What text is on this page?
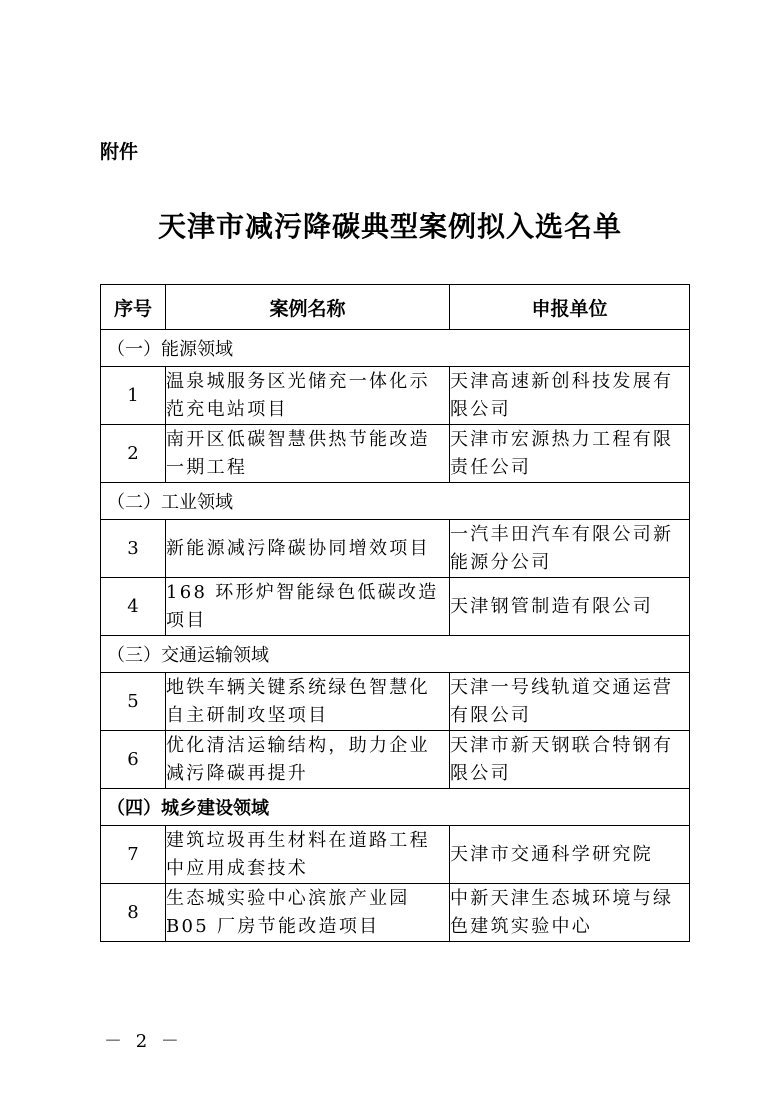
附件
天津市减污降碳典型案例拟入选名单
序号	案例名称	申报单位
（一）能源领域		
1	温泉城服务区光储充一体化示范充电站项目	天津高速新创科技发展有限公司
2	南开区低碳智慧供热节能改造一期工程	天津市宏源热力工程有限责任公司
（二）工业领域		
3	新能源减污降碳协同增效项目	一汽丰田汽车有限公司新能源分公司
4	168 环形炉智能绿色低碳改造项目	天津钢管制造有限公司
（三）交通运输领域		
5	地铁车辆关键系统绿色智慧化自主研制攻坚项目	天津一号线轨道交通运营有限公司
6	优化清洁运输结构，助力企业减污降碳再提升	天津市新天钢联合特钢有限公司
（四）城乡建设领域		
7	建筑垃圾再生材料在道路工程中应用成套技术	天津市交通科学研究院
8	生态城实验中心滨旅产业园B05 厂房节能改造项目	中新天津生态城环境与绿色建筑实验中心
－ 2 －
